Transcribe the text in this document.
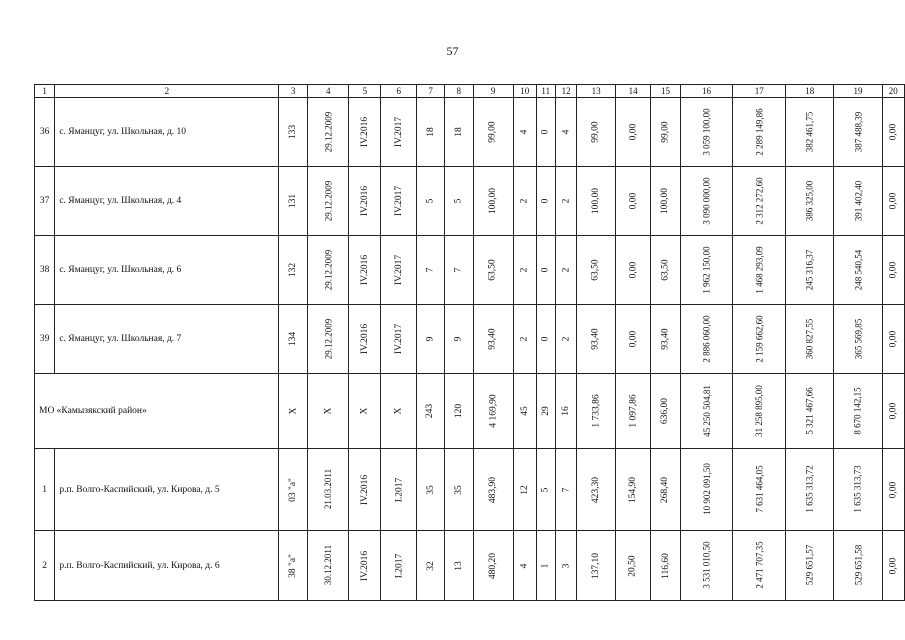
57
1	2	3	4	5	6	7	8	9	10	11	12	13	14	15	16	17	18	19	20
36	с. Яманцуг, ул. Школьная, д. 10	133	29.12.2009	IV.2016	IV.2017	18	18	99,00	4	0	4	99,00	0,00	99,00	3 059 100,00	2 289 149,86	382 461,75	387 488,39	0,00
37	с. Яманцуг, ул. Школьная, д. 4	131	29.12.2009	IV.2016	IV.2017	5	5	100,00	2	0	2	100,00	0,00	100,00	3 090 000,00	2 312 272,60	386 325,00	391 402,40	0,00
38	с. Яманцуг, ул. Школьная, д. 6	132	29.12.2009	IV.2016	IV.2017	7	7	63,50	2	0	2	63,50	0,00	63,50	1 962 150,00	1 468 293,09	245 316,37	248 540,54	0,00
39	с. Яманцуг, ул. Школьная, д. 7	134	29.12.2009	IV.2016	IV.2017	9	9	93,40	2	0	2	93,40	0,00	93,40	2 886 060,00	2 159 662,60	360 827,55	365 569,85	0,00
МО «Камызякский район»		X	X	X	X	243	120	4 169,90	45	29	16	1 733,86	1 097,86	636,00	45 250 504,81	31 258 895,00	5 321 467,66	8 670 142,15	0,00
1	р.п. Волго-Каспийский, ул. Кирова, д. 5	03 "а"	21.03.2011	IV.2016	I.2017	35	35	483,90	12	5	7	423,30	154,90	268,40	10 902 091,50	7 631 464,05	1 635 313,72	1 635 313,73	0,00
2	р.п. Волго-Каспийский, ул. Кирова, д. 6	38 "а"	30.12.2011	IV.2016	I.2017	32	13	480,20	4	1	3	137,10	20,50	116,60	3 531 010,50	2 471 707,35	529 651,57	529 651,58	0,00
